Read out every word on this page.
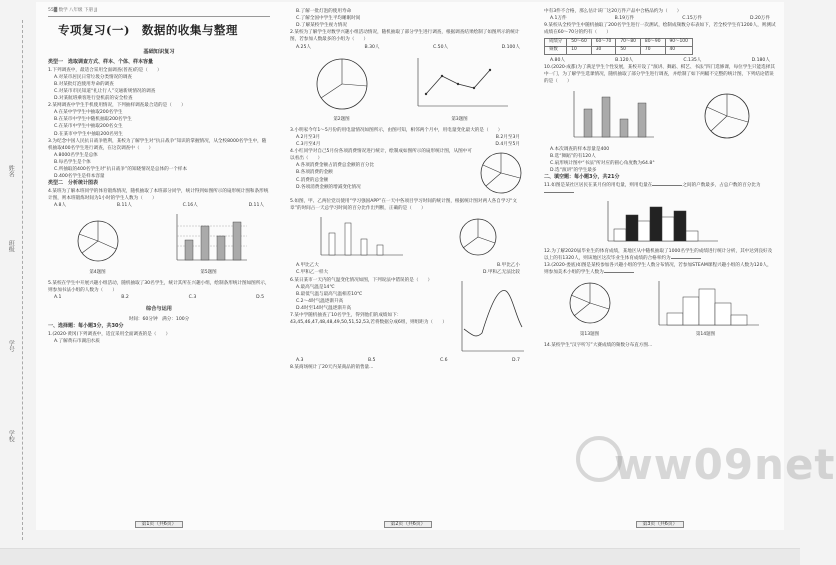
姓名
班级
学号
学校
55▓ 数学 八年级 下册 JJ
专项复习(一)　数据的收集与整理
基础知识复习
类型一　选取调查方式、样本、个体、样本容量

1.下列调查中，最适合采用全面调查(普查)的是（　　）

A.对某市居民日常垃圾分类情况的调查

B.对某批灯泡使用寿命的调查

C.对某市市民知道“礼让行人”交通新规情况的调查

D.对某航班乘客进行登机前的安全检查

2.某网调查中学生手机使用情况，下列抽样调查最合适的是（　　）

A.在某中学学生中抽取200名学生

B.在某市中学生中随机抽取200名学生

C.在某市中学生中抽取200名女生

D.在某市中学生中抽取200名男生

3.为纪念中国人民抗日战争胜利，某校为了解学生对“抗日战争”知识的掌握情况，从全校8000名学生中，随机抽取400名学生进行调查，在这次调查中（　　）

A.8000名学生是总体

B.每名学生是个体

C.所抽取的400名学生对“抗日战争”的知晓情况是总体的一个样本

D.400名学生是样本容量

类型二　分析统计图表

4.某班为了解本班同学的体育锻炼情况，随机抽取了本班部分同学，统计得到如图所示的扇形统计图和条形统计图，则本班锻炼时间为1小时的学生人数为（　　）

A.8人	B.11人	C.16人	D.11人
第4题图	第5题图

5.某校在学生中开展兴趣小组活动，随机抽取了30名学生，统计其所在兴趣小组，绘制条形统计图如图所示，则参加书法小组的人数为（　　）

A.1	B.2	C.3	D.5
综合与运用
时间：60分钟　满分：100分
一、选择题：每小题3分，共30分

1.(2020·黄冈)下列调查中，适宜采用全面调查的是（　　）

A.了解黄石市湖泊水质

第1页（共6页）

B.了解一批灯泡的使用寿命

C.了解全国中学生平均睡眠时间

D.了解某校学生视力情况

2.某校为了解学生对数学兴趣小组活动情况，随机抽取了部分学生进行调查，根据调查结果绘制了如图所示的统计图，若参加人数最多的小组为（　　）

A.25人	B.30人	C.50人	D.100人
第2题图	第3题图

3.小明家今年1～5月份的用电量情况如图所示，由图可知，相邻两个月中，用电量变化最大的是（　　）

A.2月至3月	B.2月至3月
C.3月至4月	D.4月至5月

4.小红同学对自己5月份各项消费情况进行统计，绘制成如图所示的扇形统计图，从图中可以看出（　　）

A.各项消费金额占消费总金额的百分比

B.各项消费的金额

C.消费的总金额

D.各项消费金额的增减变化情况

5.如图，甲、乙两位党员使用“学习强国APP”在一天中各项目学习时间的统计图，根据统计图对两人各自学习“文章”的时间占一天总学习时间的百分比作出判断，正确的是（　　）

A.甲比乙大	B.甲比乙小
C.甲和乙一样大	D.甲和乙无法比较

6.某日某市一天内的气温变化情况如图，下列说法中错误的是（　　）

A.最高气温是14℃

B.最低气温与最高气温相差10℃

C.2～4时气温逐渐升高

D.4时至14时气温逐渐升高

7.某中学随机抽查了10名学生，得到他们的成绩如下：43,45,46,47,48,48,49,50,51,52,53,若将数据分成6组，则组距为（　　）

A.3	B.5	C.6	D.7

8.某商场统计了20天内某商品的销售量...

第2页（共6页）

中有3件不合格，那么估计该厂这20万件产品中合格品约为（　　）

A.1万件	B.19万件	C.15万件	D.20万件

9.某校从全校学生中随机抽取了200名学生进行一次测试，绘制成频数分布表如下，若全校学生有1200人，则测试成绩在60～70分的约有（　　）

成绩分	50～60	60～70	70～80	80～90	90～100
频数	10	30	50	70	40
A.80人	B.120人	C.135人	D.180人

10.(2020·成都)为了满足学生个性发展，某校开设了“演讲、舞蹈、棋艺、书法”四门选修课，每位学生只能选择其中一门，为了解学生选课情况，随机抽取了部分学生进行调查，并绘制了如下两幅不完整的统计图，下列结论错误的是（　　）

A.本次调查的样本容量是400

B.选“舞蹈”的有120人

C.扇形统计图中“书法”所对应的圆心角度数为64.8°

D.选“演讲”的学生最多

二、填空题：每小题3分，共21分

11.如图是某社区居民在某月份的用电量，则用电量在	之间的户数最多，占总户数的百分比为

12.为了解2020届毕业生的体育成绩，某地区从中随机抽取了1000名学生的成绩进行统计分析，其中达到良好及以上的有1320人，则该地区这次毕业生体育成绩的合格率约为

13.(2020·娄底)如图是某校参加各兴趣小组的学生人数分布情况，若参加STEAM课程兴趣小组的人数为120人，则参加美术小组的学生人数为

第13题图	第14题图

14.某校学生“汉字听写”大赛成绩的频数分布直方图...

第3页（共6页）
ww09net
